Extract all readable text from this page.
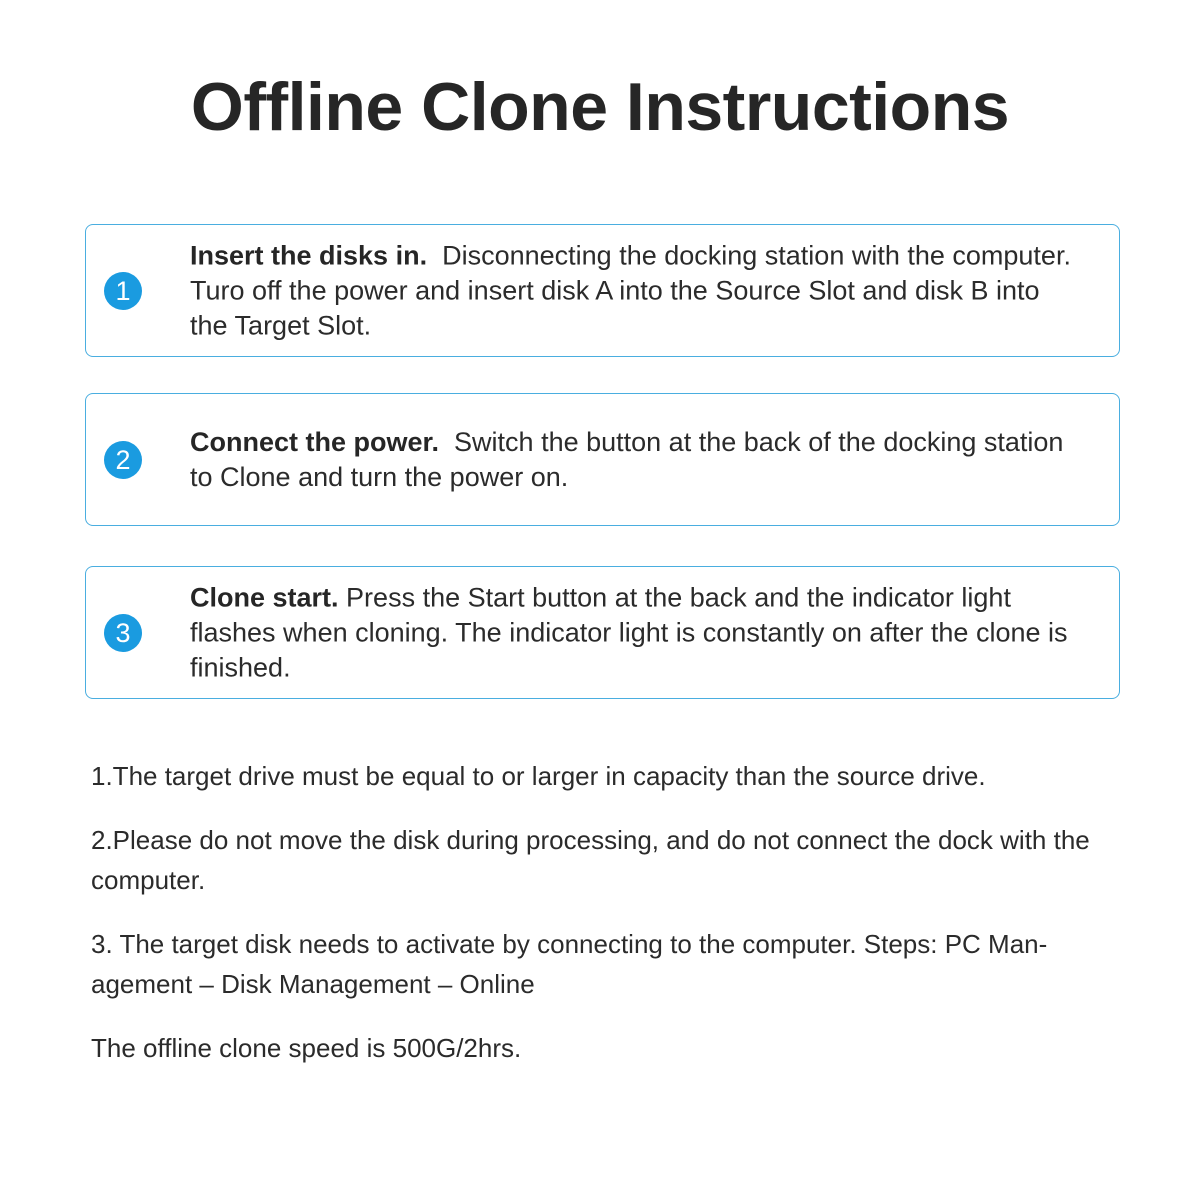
Offline Clone Instructions
1
Insert the disks in. Disconnecting the docking station with the computer. Turo off the power and insert disk A into the Source Slot and disk B into the Target Slot.
2
Connect the power. Switch the button at the back of the docking station to Clone and turn the power on.
3
Clone start. Press the Start button at the back and the indicator light flashes when cloning. The indicator light is constantly on after the clone is finished.

1.The target drive must be equal to or larger in capacity than the source drive.

2.Please do not move the disk during processing, and do not connect the dock with the computer.

3. The target disk needs to activate by connecting to the computer. Steps: PC Management – Disk Management – Online

The offline clone speed is 500G/2hrs.
